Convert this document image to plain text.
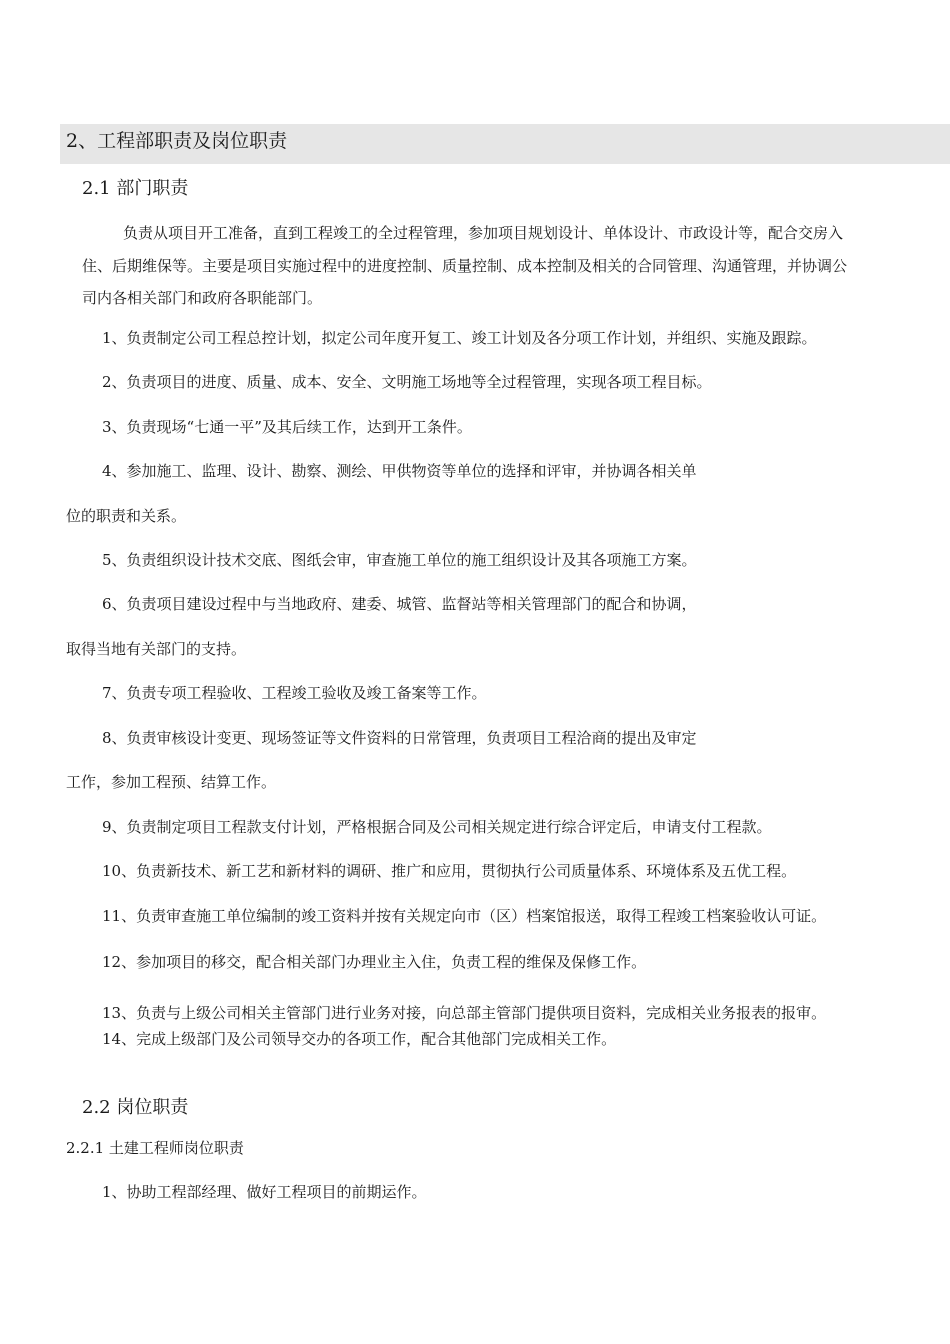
2、工程部职责及岗位职责
2.1 部门职责
负责从项目开工准备，直到工程竣工的全过程管理，参加项目规划设计、单体设计、市政设计等，配合交房入
住、后期维保等。主要是项目实施过程中的进度控制、质量控制、成本控制及相关的合同管理、沟通管理，并协调公
司内各相关部门和政府各职能部门。
1、负责制定公司工程总控计划，拟定公司年度开复工、竣工计划及各分项工作计划，并组织、实施及跟踪。
2、负责项目的进度、质量、成本、安全、文明施工场地等全过程管理，实现各项工程目标。
3、负责现场“七通一平”及其后续工作，达到开工条件。
4、参加施工、监理、设计、勘察、测绘、甲供物资等单位的选择和评审，并协调各相关单
位的职责和关系。
5、负责组织设计技术交底、图纸会审，审查施工单位的施工组织设计及其各项施工方案。
6、负责项目建设过程中与当地政府、建委、城管、监督站等相关管理部门的配合和协调，
取得当地有关部门的支持。
7、负责专项工程验收、工程竣工验收及竣工备案等工作。
8、负责审核设计变更、现场签证等文件资料的日常管理，负责项目工程洽商的提出及审定
工作，参加工程预、结算工作。
9、负责制定项目工程款支付计划，严格根据合同及公司相关规定进行综合评定后，申请支付工程款。
10、负责新技术、新工艺和新材料的调研、推广和应用，贯彻执行公司质量体系、环境体系及五优工程。
11、负责审查施工单位编制的竣工资料并按有关规定向市（区）档案馆报送，取得工程竣工档案验收认可证。
12、参加项目的移交，配合相关部门办理业主入住，负责工程的维保及保修工作。
13、负责与上级公司相关主管部门进行业务对接，向总部主管部门提供项目资料，完成相关业务报表的报审。
14、完成上级部门及公司领导交办的各项工作，配合其他部门完成相关工作。
2.2 岗位职责
2.2.1 土建工程师岗位职责
1、协助工程部经理、做好工程项目的前期运作。
